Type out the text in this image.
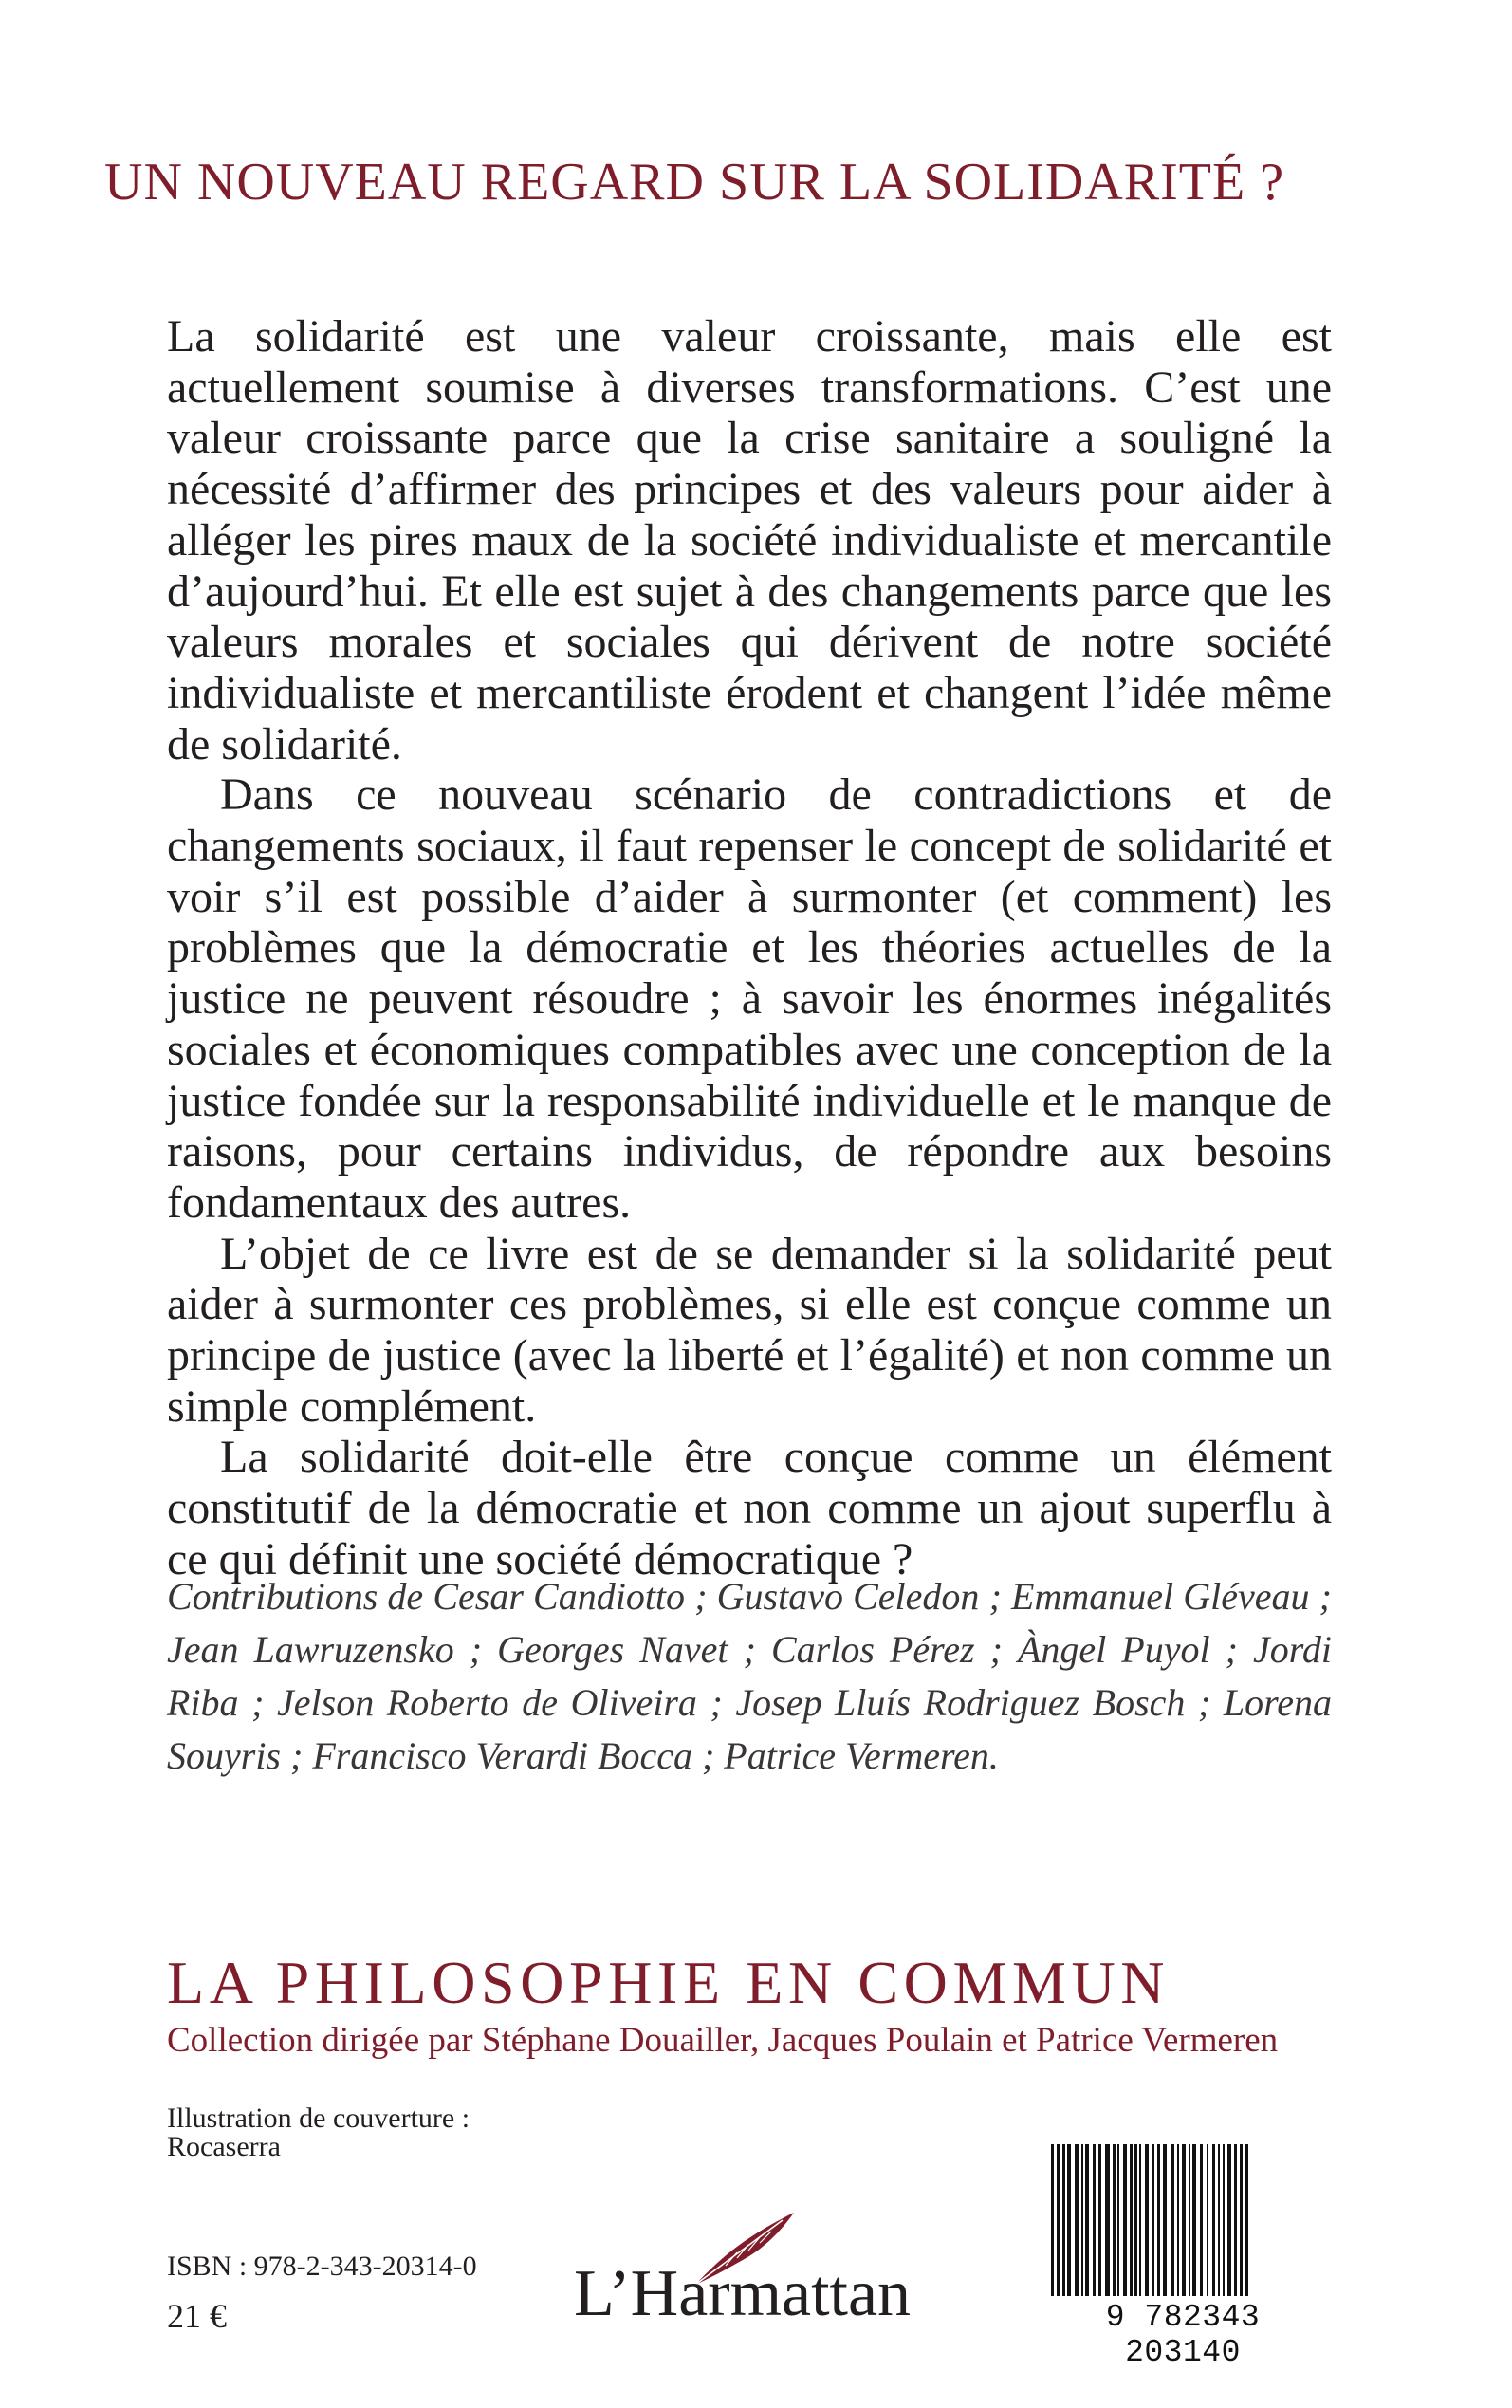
UN NOUVEAU REGARD SUR LA SOLIDARITÉ ?

La solidarité est une valeur croissante, mais elle est actuellement soumise à diverses transformations. C’est une valeur croissante parce que la crise sanitaire a souligné la nécessité d’affirmer des principes et des valeurs pour aider à alléger les pires maux de la société individualiste et mercantile d’aujourd’hui. Et elle est sujet à des changements parce que les valeurs morales et sociales qui dérivent de notre société individualiste et mercantiliste érodent et changent l’idée même de solidarité.

Dans ce nouveau scénario de contradictions et de changements sociaux, il faut repenser le concept de solidarité et voir s’il est possible d’aider à surmonter (et comment) les problèmes que la démocratie et les théories actuelles de la justice ne peuvent résoudre ; à savoir les énormes inégalités sociales et économiques compatibles avec une conception de la justice fondée sur la responsabilité individuelle et le manque de raisons, pour certains individus, de répondre aux besoins fondamentaux des autres.

L’objet de ce livre est de se demander si la solidarité peut aider à surmonter ces problèmes, si elle est conçue comme un principe de justice (avec la liberté et l’égalité) et non comme un simple complément.

La solidarité doit-elle être conçue comme un élément constitutif de la démocratie et non comme un ajout superflu à ce qui définit une société démocratique ?

Contributions de Cesar Candiotto ; Gustavo Celedon ; Emmanuel Gléveau ; Jean Lawruzensko ; Georges Navet ; Carlos Pérez ; Àngel Puyol ; Jordi Riba ; Jelson Roberto de Oliveira ; Josep Lluís Rodriguez Bosch ; Lorena Souyris ; Francisco Verardi Bocca ; Patrice Vermeren.
LA PHILOSOPHIE EN COMMUN
Collection dirigée par Stéphane Douailler, Jacques Poulain et Patrice Vermeren
Illustration de couverture :
Rocaserra
ISBN : 978-2-343-20314-0
21 €	L’Harmattan	9 782343 203140
